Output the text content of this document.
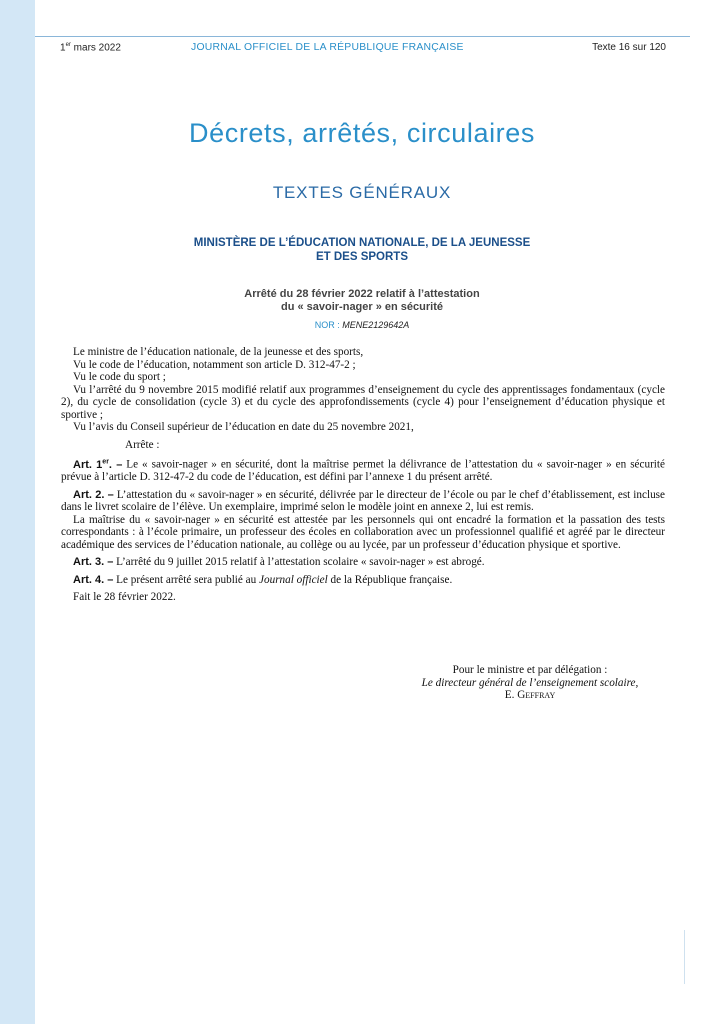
1er mars 2022	JOURNAL OFFICIEL DE LA RÉPUBLIQUE FRANÇAISE	Texte 16 sur 120
Décrets, arrêtés, circulaires
TEXTES GÉNÉRAUX
MINISTÈRE DE L’ÉDUCATION NATIONALE, DE LA JEUNESSE
ET DES SPORTS
Arrêté du 28 février 2022 relatif à l’attestation
du « savoir-nager » en sécurité
NOR : MENE2129642A

Le ministre de l’éducation nationale, de la jeunesse et des sports,

Vu le code de l’éducation, notamment son article D. 312-47-2 ;

Vu le code du sport ;

Vu l’arrêté du 9 novembre 2015 modifié relatif aux programmes d’enseignement du cycle des apprentissages fondamentaux (cycle 2), du cycle de consolidation (cycle 3) et du cycle des approfondissements (cycle 4) pour l’enseignement d’éducation physique et sportive ;

Vu l’avis du Conseil supérieur de l’éducation en date du 25 novembre 2021,

Arrête :

Art. 1er. – Le « savoir-nager » en sécurité, dont la maîtrise permet la délivrance de l’attestation du « savoir-nager » en sécurité prévue à l’article D. 312-47-2 du code de l’éducation, est défini par l’annexe 1 du présent arrêté.

Art. 2. – L’attestation du « savoir-nager » en sécurité, délivrée par le directeur de l’école ou par le chef d’établissement, est incluse dans le livret scolaire de l’élève. Un exemplaire, imprimé selon le modèle joint en annexe 2, lui est remis.

La maîtrise du « savoir-nager » en sécurité est attestée par les personnels qui ont encadré la formation et la passation des tests correspondants : à l’école primaire, un professeur des écoles en collaboration avec un professionnel qualifié et agréé par le directeur académique des services de l’éducation nationale, au collège ou au lycée, par un professeur d’éducation physique et sportive.

Art. 3. – L’arrêté du 9 juillet 2015 relatif à l’attestation scolaire « savoir-nager » est abrogé.

Art. 4. – Le présent arrêté sera publié au Journal officiel de la République française.

Fait le 28 février 2022.

Pour le ministre et par délégation :
Le directeur général de l’enseignement scolaire,
E. Geffray
